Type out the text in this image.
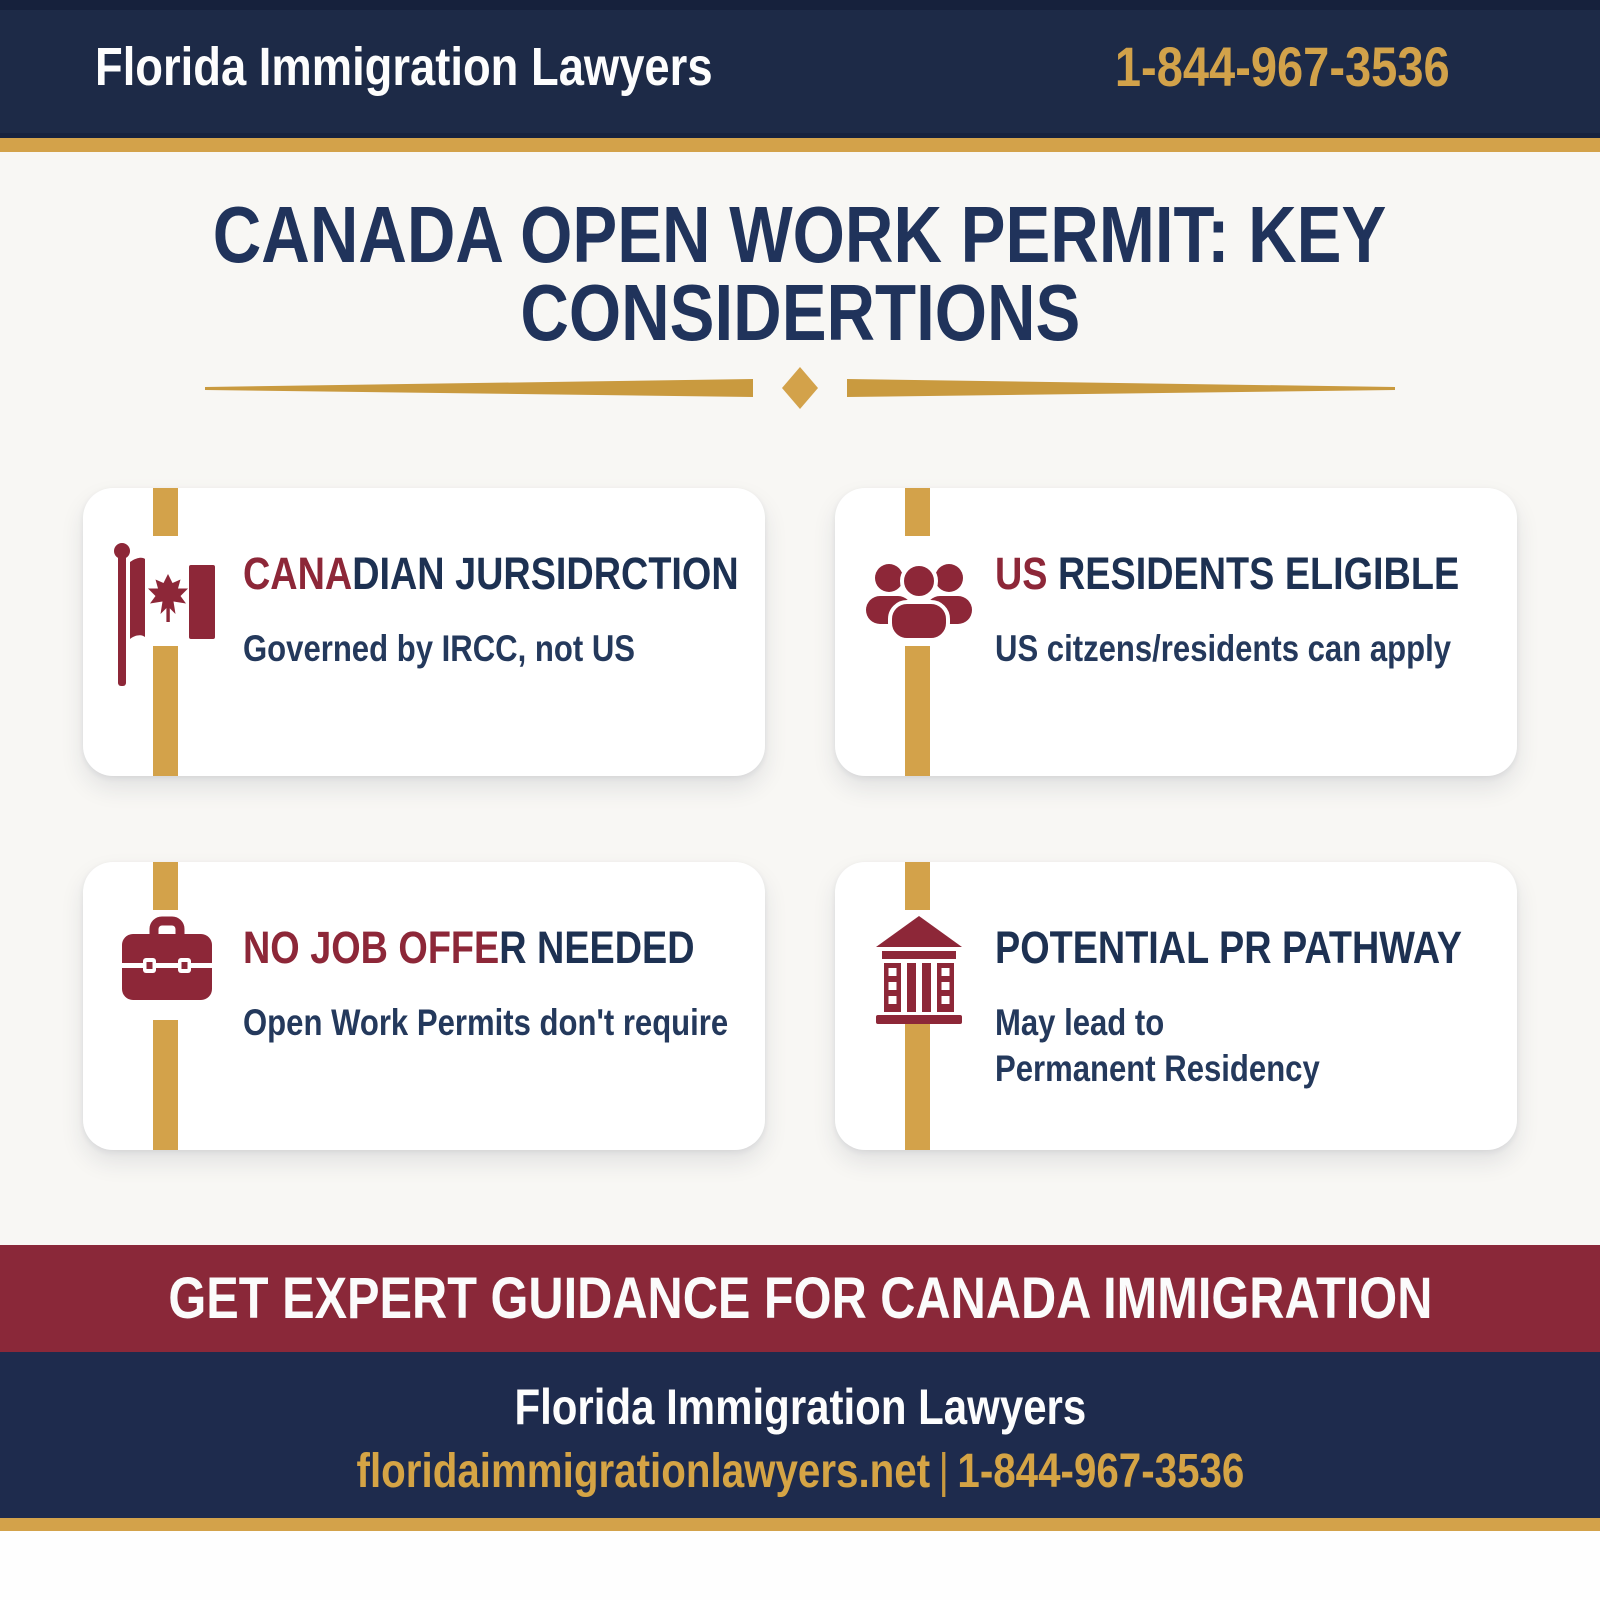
Florida Immigration Lawyers	1-844-967-3536
CANADA OPEN WORK PERMIT: KEY
CONSIDERTIONS
CANADIAN JURSIDRCTION
Governed by IRCC, not US
US RESIDENTS ELIGIBLE
US citzens/residents can apply
NO JOB OFFER NEEDED
Open Work Permits don't require
POTENTIAL PR PATHWAY
May lead to
Permanent Residency
GET EXPERT GUIDANCE FOR CANADA IMMIGRATION
Florida Immigration Lawyers
floridaimmigrationlawyers.net | 1-844-967-3536
